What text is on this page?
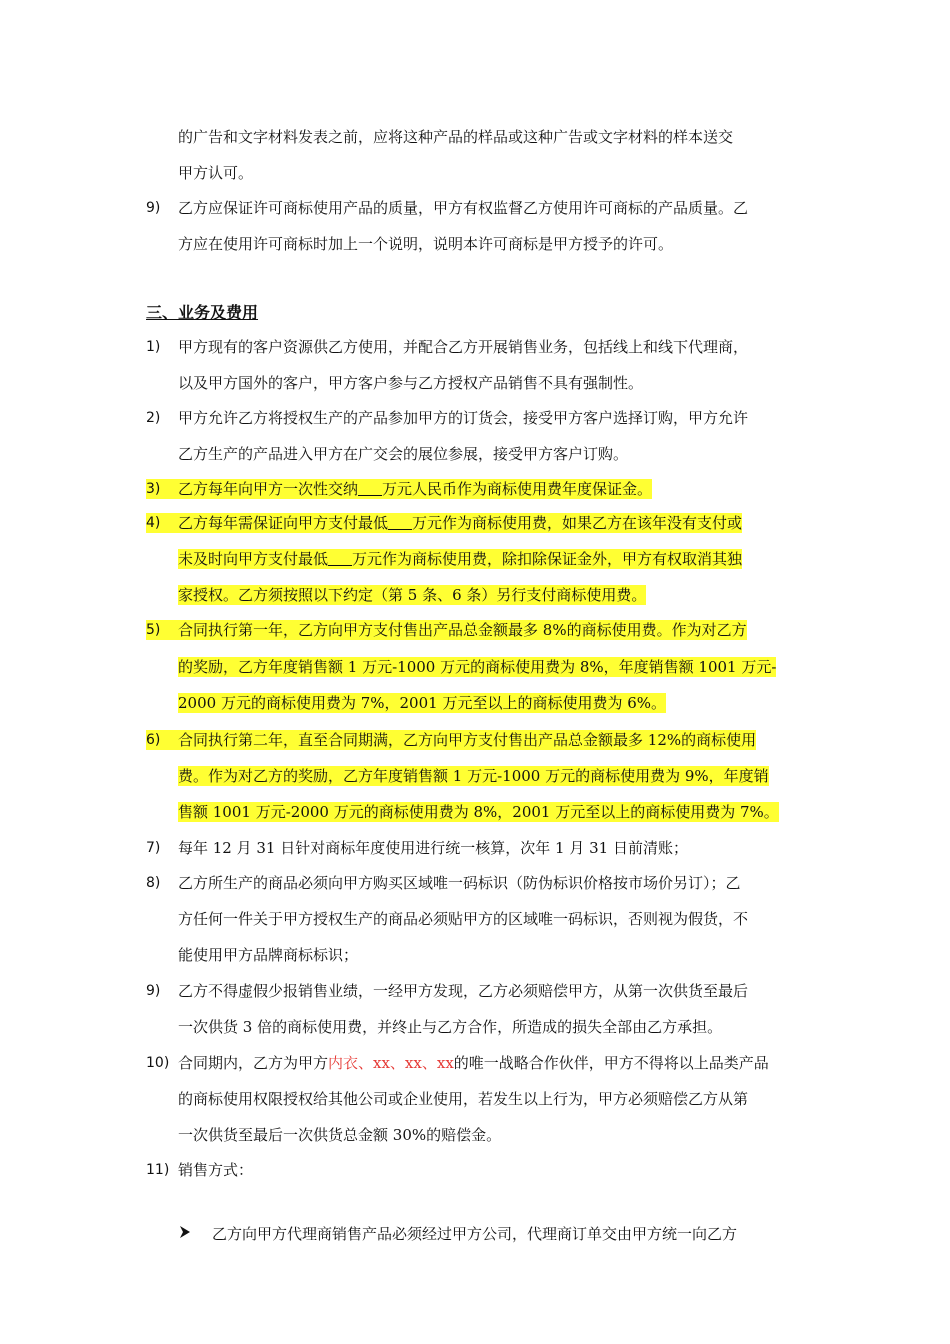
的广告和文字材料发表之前，应将这种产品的样品或这种广告或文字材料的样本送交
甲方认可。
9) 乙方应保证许可商标使用产品的质量，甲方有权监督乙方使用许可商标的产品质量。乙
方应在使用许可商标时加上一个说明，说明本许可商标是甲方授予的许可。
三、业务及费用
1) 甲方现有的客户资源供乙方使用，并配合乙方开展销售业务，包括线上和线下代理商，
以及甲方国外的客户，甲方客户参与乙方授权产品销售不具有强制性。
2) 甲方允许乙方将授权生产的产品参加甲方的订货会，接受甲方客户选择订购，甲方允许
乙方生产的产品进入甲方在广交会的展位参展，接受甲方客户订购。
3)	乙方每年向甲方一次性交纳 万元人民币作为商标使用费年度保证金。
4)	乙方每年需保证向甲方支付最低 万元作为商标使用费，如果乙方在该年没有支付或
未及时向甲方支付最低 万元作为商标使用费，除扣除保证金外，甲方有权取消其独
家授权。乙方须按照以下约定（第 5 条、6 条）另行支付商标使用费。
5)	合同执行第一年，乙方向甲方支付售出产品总金额最多 8%的商标使用费。作为对乙方
的奖励，乙方年度销售额 1 万元-1000 万元的商标使用费为 8%，年度销售额 1001 万元-
2000 万元的商标使用费为 7%，2001 万元至以上的商标使用费为 6%。
6)	合同执行第二年，直至合同期满，乙方向甲方支付售出产品总金额最多 12%的商标使用
费。作为对乙方的奖励，乙方年度销售额 1 万元-1000 万元的商标使用费为 9%，年度销
售额 1001 万元-2000 万元的商标使用费为 8%，2001 万元至以上的商标使用费为 7%。
7) 每年 12 月 31 日针对商标年度使用进行统一核算，次年 1 月 31 日前清账；
8) 乙方所生产的商品必须向甲方购买区域唯一码标识（防伪标识价格按市场价另订）；乙
方任何一件关于甲方授权生产的商品必须贴甲方的区域唯一码标识，否则视为假货，不
能使用甲方品牌商标标识；
9) 乙方不得虚假少报销售业绩，一经甲方发现，乙方必须赔偿甲方，从第一次供货至最后
一次供货 3 倍的商标使用费，并终止与乙方合作，所造成的损失全部由乙方承担。
10) 合同期内，乙方为甲方内衣、xx、xx、xx的唯一战略合作伙伴，甲方不得将以上品类产品
的商标使用权限授权给其他公司或企业使用，若发生以上行为，甲方必须赔偿乙方从第
一次供货至最后一次供货总金额 30%的赔偿金。
11) 销售方式：
乙方向甲方代理商销售产品必须经过甲方公司，代理商订单交由甲方统一向乙方
